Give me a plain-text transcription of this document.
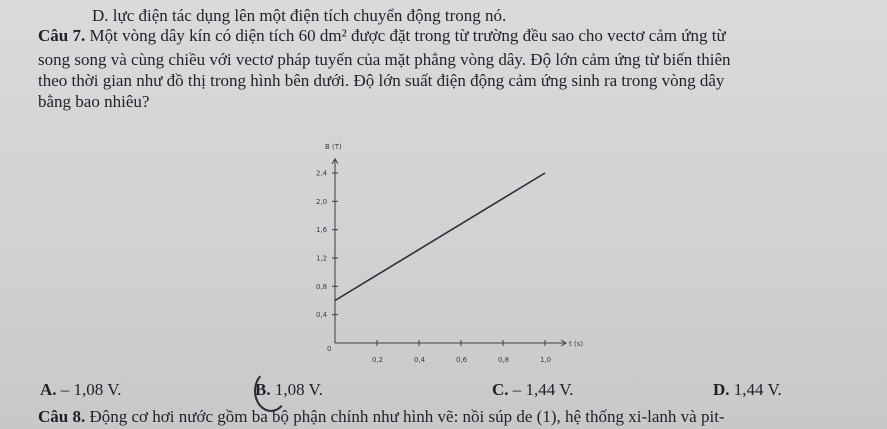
D. lực điện tác dụng lên một điện tích chuyển động trong nó.
Câu 7. Một vòng dây kín có diện tích 60 dm² được đặt trong từ trường đều sao cho vectơ cảm ứng từ
song song và cùng chiều với vectơ pháp tuyến của mặt phẳng vòng dây. Độ lớn cảm ứng từ biến thiên
theo thời gian như đồ thị trong hình bên dưới. Độ lớn suất điện động cảm ứng sinh ra trong vòng dây
bằng bao nhiêu?
B (T)
t (s)
0
0,4
0,8
1,2
1,6
2,0
2,4
0,2	0,4	0,6	0,8	1,0
A. – 1,08 V.	B. 1,08 V.	C. – 1,44 V.	D. 1,44 V.
Câu 8. Động cơ hơi nước gồm ba bộ phận chính như hình vẽ: nồi súp de (1), hệ thống xi-lanh và pit-
